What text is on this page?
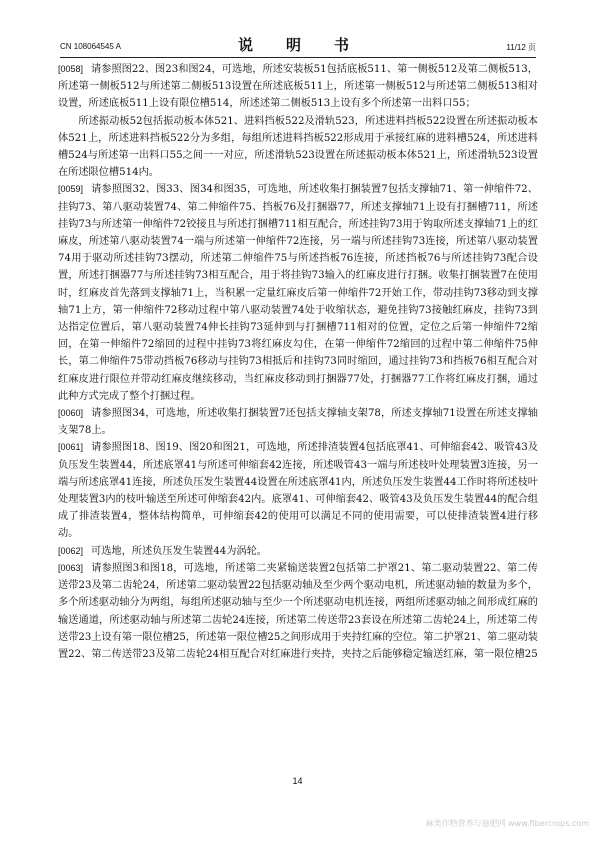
CN 108064545 A	说　明　书	11/12 页

[0058] 请参照图22、图23和图24，可选地，所述安装板51包括底板511、第一侧板512及第二侧板513，所述第一侧板512与所述第二侧板513设置在所述底板511上，所述第一侧板512与所述第二侧板513相对设置，所述底板511上设有限位槽514，所述述第二侧板513上设有多个所述第一出料口55；

所述振动板52包括振动板本体521、进料挡板522及滑轨523，所述进料挡板522设置在所述振动板本体521上，所述进料挡板522分为多组，每组所述进料挡板522形成用于承接红麻的进料槽524，所述进料槽524与所述第一出料口55之间一一对应，所述滑轨523设置在所述振动板本体521上，所述滑轨523设置在所述限位槽514内。

[0059] 请参照图32、图33、图34和图35，可选地，所述收集打捆装置7包括支撑轴71、第一伸缩件72、挂钩73、第八驱动装置74、第二伸缩件75、挡板76及打捆器77，所述支撑轴71上设有打捆槽711，所述挂钩73与所述第一伸缩件72铰接且与所述打捆槽711相互配合，所述挂钩73用于钩取所述支撑轴71上的红麻皮，所述第八驱动装置74一端与所述第一伸缩件72连接，另一端与所述挂钩73连接，所述第八驱动装置74用于驱动所述挂钩73摆动，所述第二伸缩件75与所述挡板76连接，所述挡板76与所述挂钩73配合设置，所述打捆器77与所述挂钩73相互配合，用于将挂钩73输入的红麻皮进行打捆。收集打捆装置7在使用时，红麻皮首先落到支撑轴71上，当积累一定量红麻皮后第一伸缩件72开始工作，带动挂钩73移动到支撑轴71上方，第一伸缩件72移动过程中第八驱动装置74处于收缩状态，避免挂钩73接触红麻皮，挂钩73到达指定位置后，第八驱动装置74伸长挂钩73延伸到与打捆槽711相对的位置，定位之后第一伸缩件72缩回，在第一伸缩件72缩回的过程中挂钩73将红麻皮勾住，在第一伸缩件72缩回的过程中第二伸缩件75伸长，第二伸缩件75带动挡板76移动与挂钩73相抵后和挂钩73同时缩回，通过挂钩73和挡板76相互配合对红麻皮进行限位并带动红麻皮继续移动，当红麻皮移动到打捆器77处，打捆器77工作将红麻皮打捆，通过此种方式完成了整个打捆过程。

[0060] 请参照图34，可选地，所述收集打捆装置7还包括支撑轴支架78，所述支撑轴71设置在所述支撑轴支架78上。

[0061] 请参照图18、图19、图20和图21，可选地，所述排渣装置4包括底罩41、可伸缩套42、吸管43及负压发生装置44，所述底罩41与所述可伸缩套42连接，所述吸管43一端与所述枝叶处理装置3连接，另一端与所述底罩41连接，所述负压发生装置44设置在所述底罩41内，所述负压发生装置44工作时将所述枝叶处理装置3内的枝叶输送至所述可伸缩套42内。底罩41、可伸缩套42、吸管43及负压发生装置44的配合组成了排渣装置4，整体结构简单，可伸缩套42的使用可以满足不同的使用需要，可以使排渣装置4进行移动。

[0062] 可选地，所述负压发生装置44为涡轮。

[0063] 请参照图3和图18，可选地，所述第二夹紧输送装置2包括第二护罩21、第二驱动装置22、第二传送带23及第二齿轮24，所述第二驱动装置22包括驱动轴及至少两个驱动电机，所述驱动轴的数量为多个，多个所述驱动轴分为两组，每组所述驱动轴与至少一个所述驱动电机连接，两组所述驱动轴之间形成红麻的输送通道，所述驱动轴与所述第二齿轮24连接，所述第二传送带23套设在所述第二齿轮24上，所述第二传送带23上设有第一限位槽25，所述第一限位槽25之间形成用于夹持红麻的空位。第二护罩21、第二驱动装置22、第二传送带23及第二齿轮24相互配合对红麻进行夹持，夹持之后能够稳定输送红麻，第一限位槽25

14
麻类作物营养与施肥网 www.fibercrops.com
